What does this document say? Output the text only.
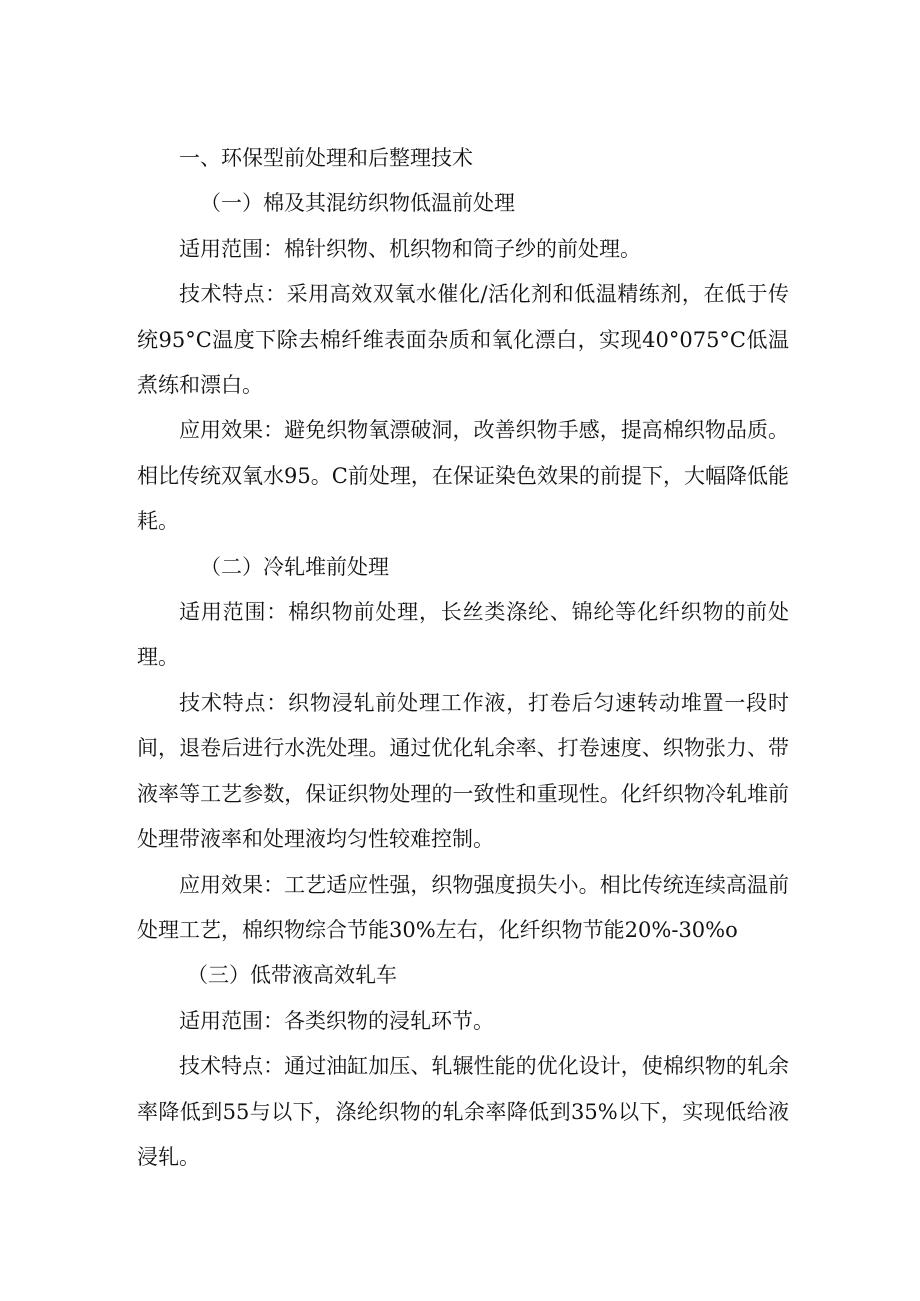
一、环保型前处理和后整理技术

（一）棉及其混纺织物低温前处理

适用范围：棉针织物、机织物和筒子纱的前处理。

技术特点：采用高效双氧水催化/活化剂和低温精练剂，在低于传统95°C温度下除去棉纤维表面杂质和氧化漂白，实现40°075°C低温煮练和漂白。

应用效果：避免织物氧漂破洞，改善织物手感，提高棉织物品质。相比传统双氧水95。C前处理，在保证染色效果的前提下，大幅降低能耗。

（二）冷轧堆前处理

适用范围：棉织物前处理，长丝类涤纶、锦纶等化纤织物的前处理。

技术特点：织物浸轧前处理工作液，打卷后匀速转动堆置一段时间，退卷后进行水洗处理。通过优化轧余率、打卷速度、织物张力、带液率等工艺参数，保证织物处理的一致性和重现性。化纤织物冷轧堆前处理带液率和处理液均匀性较难控制。

应用效果：工艺适应性强，织物强度损失小。相比传统连续高温前处理工艺，棉织物综合节能30%左右，化纤织物节能20%-30%o

（三）低带液高效轧车

适用范围：各类织物的浸轧环节。

技术特点：通过油缸加压、轧辗性能的优化设计，使棉织物的轧余率降低到55与以下，涤纶织物的轧余率降低到35%以下，实现低给液浸轧。
